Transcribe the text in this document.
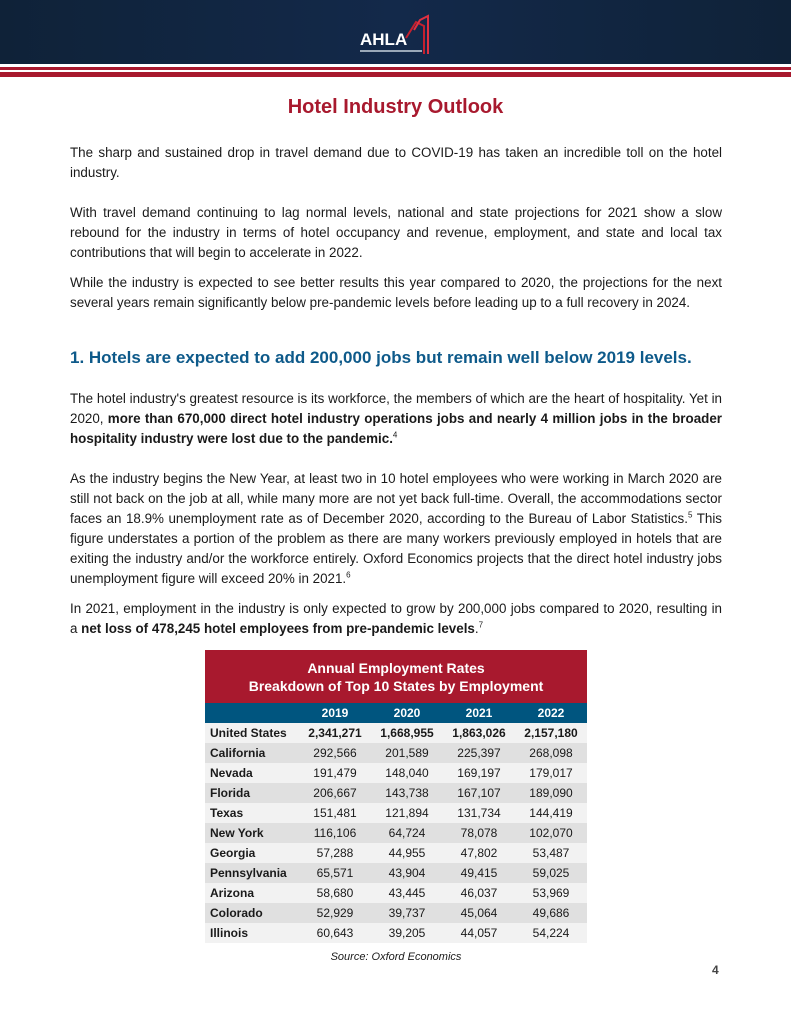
AHLA
Hotel Industry Outlook

The sharp and sustained drop in travel demand due to COVID-19 has taken an incredible toll on the hotel industry.

With travel demand continuing to lag normal levels, national and state projections for 2021 show a slow rebound for the industry in terms of hotel occupancy and revenue, employment, and state and local tax contributions that will begin to accelerate in 2022.

While the industry is expected to see better results this year compared to 2020, the projections for the next several years remain significantly below pre-pandemic levels before leading up to a full recovery in 2024.

1. Hotels are expected to add 200,000 jobs but remain well below 2019 levels.

The hotel industry's greatest resource is its workforce, the members of which are the heart of hospitality. Yet in 2020, more than 670,000 direct hotel industry operations jobs and nearly 4 million jobs in the broader hospitality industry were lost due to the pandemic.$^4$

As the industry begins the New Year, at least two in 10 hotel employees who were working in March 2020 are still not back on the job at all, while many more are not yet back full-time. Overall, the accommodations sector faces an 18.9% unemployment rate as of December 2020, according to the Bureau of Labor Statistics.$^5$ This figure understates a portion of the problem as there are many workers previously employed in hotels that are exiting the industry and/or the workforce entirely. Oxford Economics projects that the direct hotel industry jobs unemployment figure will exceed 20% in 2021.$^6$

In 2021, employment in the industry is only expected to grow by 200,000 jobs compared to 2020, resulting in a net loss of 478,245 hotel employees from pre-pandemic levels.$^7$

Annual Employment Rates
Breakdown of Top 10 States by Employment
2019	2020	2021	2022
United States	2,341,271	1,668,955	1,863,026	2,157,180
California	292,566	201,589	225,397	268,098
Nevada	191,479	148,040	169,197	179,017
Florida	206,667	143,738	167,107	189,090
Texas	151,481	121,894	131,734	144,419
New York	116,106	64,724	78,078	102,070
Georgia	57,288	44,955	47,802	53,487
Pennsylvania	65,571	43,904	49,415	59,025
Arizona	58,680	43,445	46,037	53,969
Colorado	52,929	39,737	45,064	49,686
Illinois	60,643	39,205	44,057	54,224
Source: Oxford Economics
4
